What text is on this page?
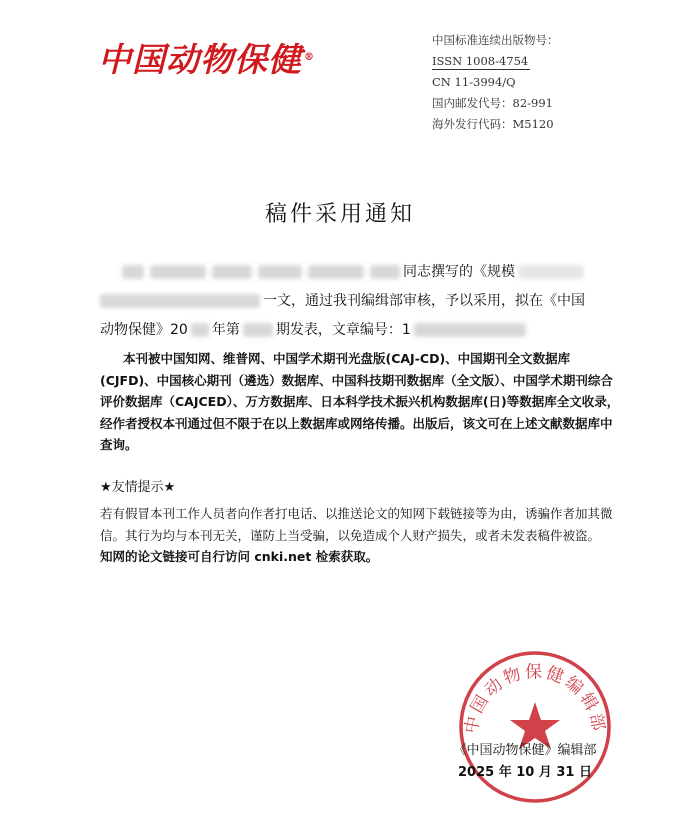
中国动物保健 ®
中国标准连续出版物号：
ISSN 1008-4754
CN 11-3994/Q
国内邮发代号：82-991
海外发行代码：M5120
稿件采用通知
同志撰写的《规模
一文，通过我刊编缉部审核，予以采用，拟在《中国
动物保健》20 年第	期发表，文章编号：1
本刊被中国知网、维普网、中国学术期刊光盘版(CAJ-CD)、中国期刊全文数据库(CJFD)、中国核心期刊（遴选）数据库、中国科技期刊数据库（全文版）、中国学术期刊综合评价数据库（CAJCED）、万方数据库、日本科学技术振兴机构数据库(日)等数据库全文收录，经作者授权本刊通过但不限于在以上数据库或网络传播。出版后，该文可在上述文献数据库中查询。
★友情提示★
若有假冒本刊工作人员者向作者打电话、以推送论文的知网下载链接等为由，诱骗作者加其微信。其行为均与本刊无关，谨防上当受骗，以免造成个人财产损失，或者未发表稿件被盗。
知网的论文链接可自行访问 cnki.net 检索获取。
中国动物保健编辑部
《中国动物保健》编辑部
2025 年 10 月 31 日
